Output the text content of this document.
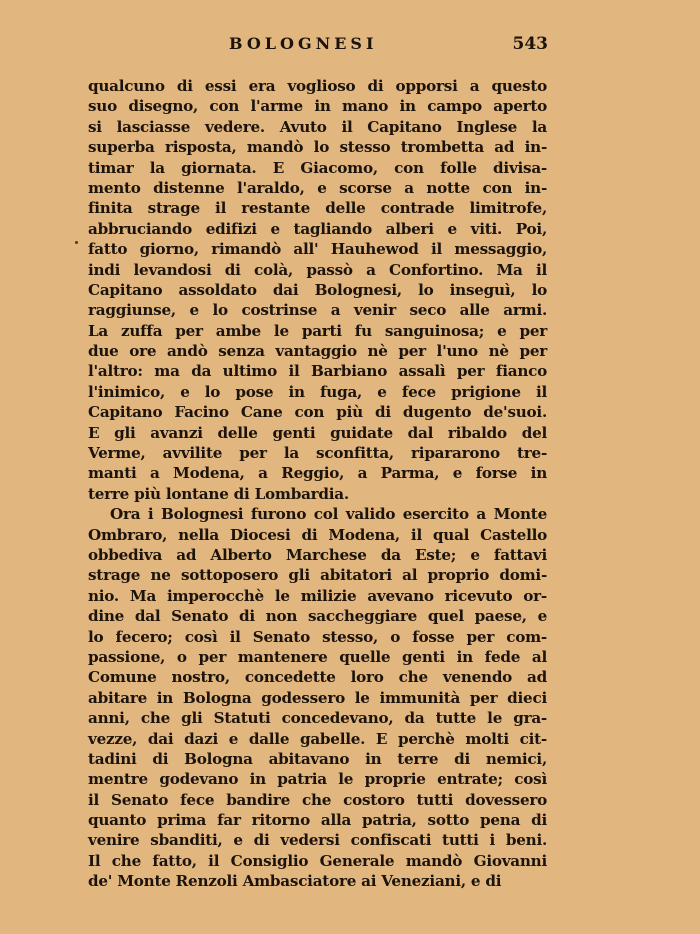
BOLOGNESI	543
qualcuno di essi era voglioso di opporsi a questo
suo disegno, con l'arme in mano in campo aperto
si lasciasse vedere. Avuto il Capitano Inglese la
superba risposta, mandò lo stesso trombetta ad in-
timar la giornata. E Giacomo, con folle divisa-
mento distenne l'araldo, e scorse a notte con in-
finita strage il restante delle contrade limitrofe,
abbruciando edifizi e tagliando alberi e viti. Poi,
fatto giorno, rimandò all' Hauhewod il messaggio,
indi levandosi di colà, passò a Confortino. Ma il
Capitano assoldato dai Bolognesi, lo inseguì, lo
raggiunse, e lo costrinse a venir seco alle armi.
La zuffa per ambe le parti fu sanguinosa; e per
due ore andò senza vantaggio nè per l'uno nè per
l'altro: ma da ultimo il Barbiano assalì per fianco
l'inimico, e lo pose in fuga, e fece prigione il
Capitano Facino Cane con più di dugento de'suoi.
E gli avanzi delle genti guidate dal ribaldo del
Verme, avvilite per la sconfitta, ripararono tre-
manti a Modena, a Reggio, a Parma, e forse in
terre più lontane di Lombardia.
Ora i Bolognesi furono col valido esercito a Monte
Ombraro, nella Diocesi di Modena, il qual Castello
obbediva ad Alberto Marchese da Este; e fattavi
strage ne sottoposero gli abitatori al proprio domi-
nio. Ma imperocchè le milizie avevano ricevuto or-
dine dal Senato di non saccheggiare quel paese, e
lo fecero; così il Senato stesso, o fosse per com-
passione, o per mantenere quelle genti in fede al
Comune nostro, concedette loro che venendo ad
abitare in Bologna godessero le immunità per dieci
anni, che gli Statuti concedevano, da tutte le gra-
vezze, dai dazi e dalle gabelle. E perchè molti cit-
tadini di Bologna abitavano in terre di nemici,
mentre godevano in patria le proprie entrate; così
il Senato fece bandire che costoro tutti dovessero
quanto prima far ritorno alla patria, sotto pena di
venire sbanditi, e di vedersi confiscati tutti i beni.
Il che fatto, il Consiglio Generale mandò Giovanni
de' Monte Renzoli Ambasciatore ai Veneziani, e di
